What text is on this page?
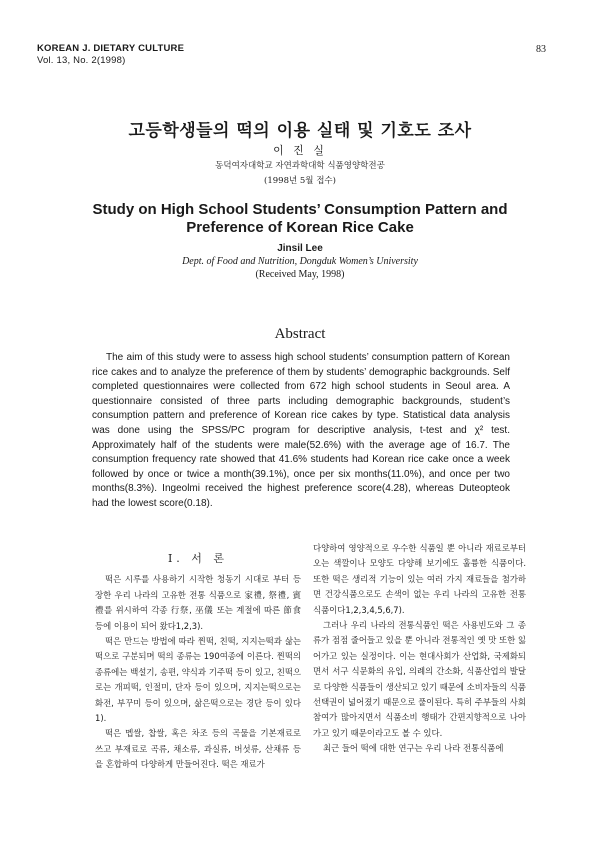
KOREAN J. DIETARY CULTURE
Vol. 13, No. 2(1998)
83
고등학생들의 떡의 이용 실태 및 기호도 조사
이 진 실
동덕여자대학교 자연과학대학 식품영양학전공
(1998년 5월 접수)
Study on High School Students’ Consumption Pattern and
Preference of Korean Rice Cake
Jinsil Lee
Dept. of Food and Nutrition, Dongduk Women’s University
(Received May, 1998)
Abstract
The aim of this study were to assess high school students’ consumption pattern of Korean rice cakes and to analyze the preference of them by students’ demographic backgrounds. Self completed questionnaires were collected from 672 high school students in Seoul area. A questionnaire consisted of three parts including demographic backgrounds, student’s consumption pattern and preference of Korean rice cakes by type. Statistical data analysis was done using the SPSS/PC program for descriptive analysis, t-test and χ² test. Approximately half of the students were male(52.6%) with the average age of 16.7. The consumption frequency rate showed that 41.6% students had Korean rice cake once a week followed by once or twice a month(39.1%), once per six months(11.0%), and once per two months(8.3%). Ingeolmi received the highest preference score(4.28), whereas Duteopteok had the lowest score(0.18).
I. 서 론

떡은 시루를 사용하기 시작한 청동기 시대로 부터 등장한 우리 나라의 고유한 전통 식품으로 家禮, 祭禮, 賓禮를 위시하여 각종 行祭, 巫儀 또는 계절에 따른 節食 등에 이용이 되어 왔다1,2,3).

떡은 만드는 방법에 따라 찐떡, 친떡, 지지는떡과 삶는떡으로 구분되며 떡의 종류는 190여종에 이른다. 찐떡의 종류에는 백설기, 송편, 약식과 기주떡 등이 있고, 친떡으로는 개피떡, 인절미, 단자 등이 있으며, 지지는떡으로는 화전, 부꾸미 등이 있으며, 삶은떡으로는 경단 등이 있다1).

떡은 멥쌀, 찹쌀, 혹은 차조 등의 곡물을 기본재료로 쓰고 부재료로 곡류, 채소류, 과실류, 버섯류, 산채류 등을 혼합하여 다양하게 만들어진다. 떡은 재료가

다양하여 영양적으로 우수한 식품일 뿐 아니라 재료로부터 오는 색깔이나 모양도 다양해 보기에도 훌륭한 식품이다. 또한 떡은 생리적 기능이 있는 여러 가지 재료들을 첨가하면 건강식품으로도 손색이 없는 우리 나라의 고유한 전통 식품이다1,2,3,4,5,6,7).

그러나 우리 나라의 전통식품인 떡은 사용빈도와 그 종류가 점점 줄어들고 있을 뿐 아니라 전통적인 옛 맛 또한 잃어가고 있는 실정이다. 이는 현대사회가 산업화, 국제화되면서 서구 식문화의 유입, 의례의 간소화, 식품산업의 발달로 다양한 식품들이 생산되고 있기 때문에 소비자들의 식품 선택권이 넓어졌기 때문으로 풀이된다. 특히 주부들의 사회참여가 많아지면서 식품소비 행태가 간편지향적으로 나아가고 있기 때문이라고도 볼 수 있다.

최근 들어 떡에 대한 연구는 우리 나라 전통식품에
